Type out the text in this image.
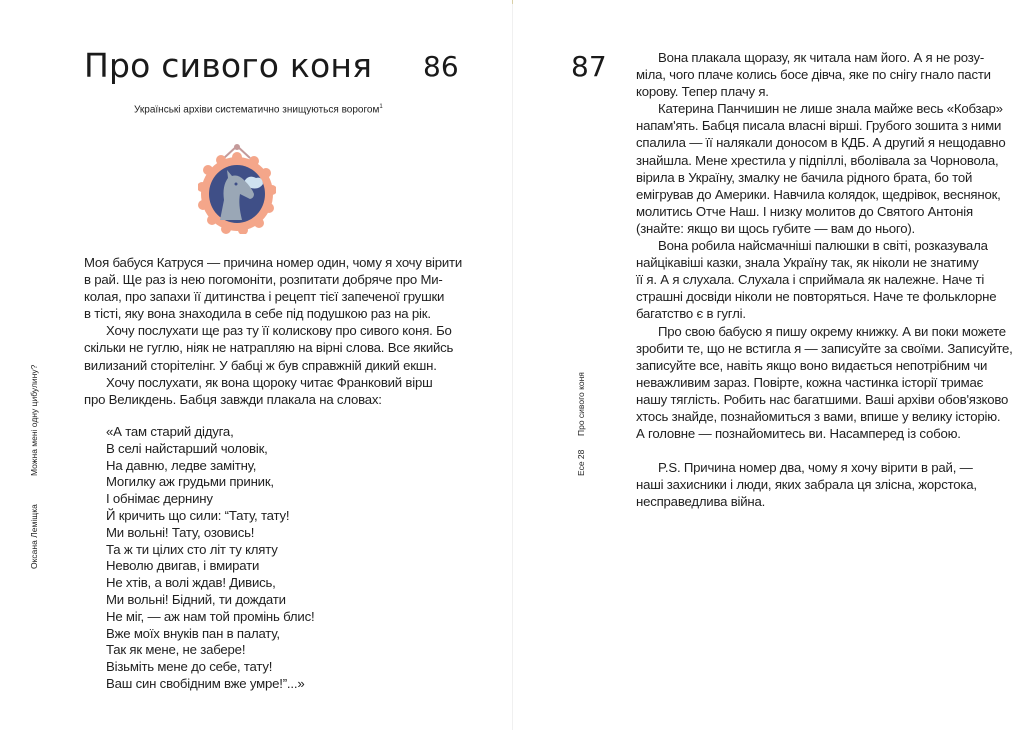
Про сивого коня 86
Українські архіви систематично знищуються ворогом$^1$
Моя бабуся Катруся — причина номер один, чому я хочу вірити
в рай. Ще раз із нею погомоніти, розпитати добряче про Ми-
колая, про запахи її дитинства і рецепт тієї запеченої грушки
в тісті, яку вона знаходила в себе під подушкою раз на рік.
Хочу послухати ще раз ту її колискову про сивого коня. Бо
скільки не гуглю, ніяк не натрапляю на вірні слова. Все якийсь
вилизаний сторітелінг. У бабці ж був справжній дикий екшн.
Хочу послухати, як вона щороку читає Франковий вірш
про Великдень. Бабця завжди плакала на словах:
«А там старий дідуга,
В селі найстарший чоловік,
На давню, ледве замітну,
Могилку аж грудьми приник,
І обнімає дернину
Й кричить що сили: “Тату, тату!
Ми вольні! Тату, озовись!
Та ж ти цілих сто літ ту кляту
Неволю двигав, і вмирати
Не хтів, а волі ждав! Дивись,
Ми вольні! Бідний, ти дождати
Не міг, — аж нам той промінь блис!
Вже моїх внуків пан в палату,
Так як мене, не забере!
Візьміть мене до себе, тату!
Ваш син свобідним вже умре!”...»
Оксана Леміщка
Можна мені одну цибулину?
87	Вона плакала щоразу, як читала нам його. А я не розу-
міла, чого плаче колись босе дівча, яке по снігу гнало пасти
корову. Тепер плачу я.
Катерина Панчишин не лише знала майже весь «Кобзар»
напам'ять. Бабця писала власні вірші. Грубого зошита з ними
спалила — її налякали доносом в КДБ. А другий я нещодавно
знайшла. Мене хрестила у підпіллі, вболівала за Чорновола,
вірила в Україну, змалку не бачила рідного брата, бо той
емігрував до Америки. Навчила колядок, щедрівок, веснянок,
молитись Отче Наш. І низку молитов до Святого Антонія
(знайте: якщо ви щось губите — вам до нього).
Вона робила найсмачніші палюшки в світі, розказувала
найцікавіші казки, знала Україну так, як ніколи не знатиму
її я. А я слухала. Слухала і сприймала як належне. Наче ті
страшні досвіди ніколи не повторяться. Наче те фольклорне
багатство є в гуглі.
Про свою бабусю я пишу окрему книжку. А ви поки можете
зробити те, що не встигла я — записуйте за своїми. Записуйте,
записуйте все, навіть якщо воно видається непотрібним чи
неважливим зараз. Повірте, кожна частинка історії тримає
нашу тяглість. Робить нас багатшими. Ваші архіви обов'язково
хтось знайде, познайомиться з вами, впише у велику історію.
А головне — познайомитесь ви. Насамперед із собою.
P.S. Причина номер два, чому я хочу вірити в рай, —
наші захисники і люди, яких забрала ця злісна, жорстока,
несправедлива війна.
Есе 28
Про сивого коня
